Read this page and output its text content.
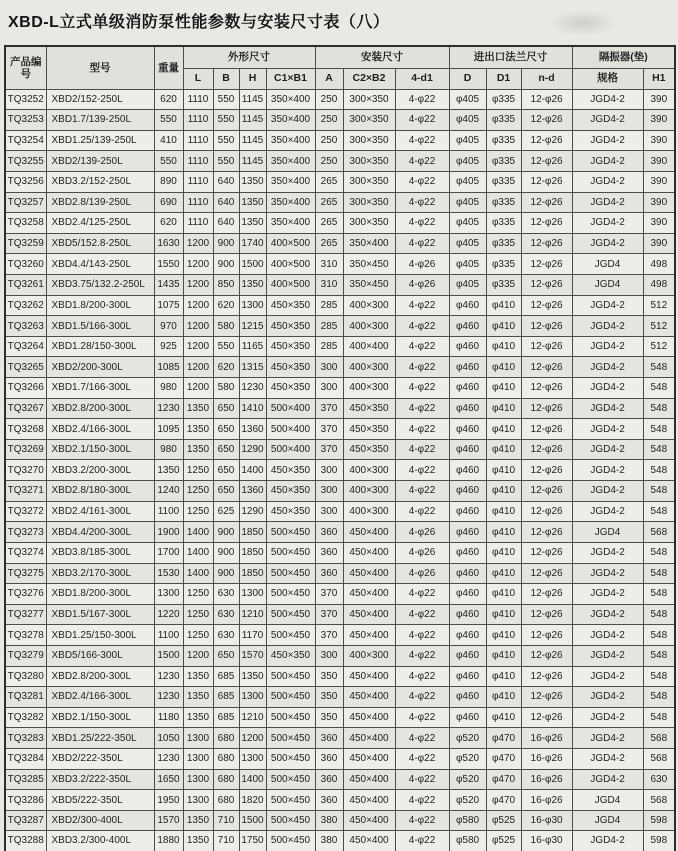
XBD-L立式单级消防泵性能参数与安装尺寸表（八）
产品编号	型号	重量	外形尺寸				安装尺寸			进出口法兰尺寸			隔振器(垫)	
			L	B	H	C1×B1	A	C2×B2	4-d1	D	D1	n-d	规格	H1
TQ3252	XBD2/152-250L	620	1110	550	1145	350×400	250	300×350	4-φ22	φ405	φ335	12-φ26	JGD4-2	390
TQ3253	XBD1.7/139-250L	550	1110	550	1145	350×400	250	300×350	4-φ22	φ405	φ335	12-φ26	JGD4-2	390
TQ3254	XBD1.25/139-250L	410	1110	550	1145	350×400	250	300×350	4-φ22	φ405	φ335	12-φ26	JGD4-2	390
TQ3255	XBD2/139-250L	550	1110	550	1145	350×400	250	300×350	4-φ22	φ405	φ335	12-φ26	JGD4-2	390
TQ3256	XBD3.2/152-250L	890	1110	640	1350	350×400	265	300×350	4-φ22	φ405	φ335	12-φ26	JGD4-2	390
TQ3257	XBD2.8/139-250L	690	1110	640	1350	350×400	265	300×350	4-φ22	φ405	φ335	12-φ26	JGD4-2	390
TQ3258	XBD2.4/125-250L	620	1110	640	1350	350×400	265	300×350	4-φ22	φ405	φ335	12-φ26	JGD4-2	390
TQ3259	XBD5/152.8-250L	1630	1200	900	1740	400×500	265	350×400	4-φ22	φ405	φ335	12-φ26	JGD4-2	390
TQ3260	XBD4.4/143-250L	1550	1200	900	1500	400×500	310	350×450	4-φ26	φ405	φ335	12-φ26	JGD4	498
TQ3261	XBD3.75/132.2-250L	1435	1200	850	1350	400×500	310	350×450	4-φ26	φ405	φ335	12-φ26	JGD4	498
TQ3262	XBD1.8/200-300L	1075	1200	620	1300	450×350	285	400×300	4-φ22	φ460	φ410	12-φ26	JGD4-2	512
TQ3263	XBD1.5/166-300L	970	1200	580	1215	450×350	285	400×300	4-φ22	φ460	φ410	12-φ26	JGD4-2	512
TQ3264	XBD1.28/150-300L	925	1200	550	1165	450×350	285	400×400	4-φ22	φ460	φ410	12-φ26	JGD4-2	512
TQ3265	XBD2/200-300L	1085	1200	620	1315	450×350	300	400×300	4-φ22	φ460	φ410	12-φ26	JGD4-2	548
TQ3266	XBD1.7/166-300L	980	1200	580	1230	450×350	300	400×300	4-φ22	φ460	φ410	12-φ26	JGD4-2	548
TQ3267	XBD2.8/200-300L	1230	1350	650	1410	500×400	370	450×350	4-φ22	φ460	φ410	12-φ26	JGD4-2	548
TQ3268	XBD2.4/166-300L	1095	1350	650	1360	500×400	370	450×350	4-φ22	φ460	φ410	12-φ26	JGD4-2	548
TQ3269	XBD2.1/150-300L	980	1350	650	1290	500×400	370	450×350	4-φ22	φ460	φ410	12-φ26	JGD4-2	548
TQ3270	XBD3.2/200-300L	1350	1250	650	1400	450×350	300	400×300	4-φ22	φ460	φ410	12-φ26	JGD4-2	548
TQ3271	XBD2.8/180-300L	1240	1250	650	1360	450×350	300	400×300	4-φ22	φ460	φ410	12-φ26	JGD4-2	548
TQ3272	XBD2.4/161-300L	1100	1250	625	1290	450×350	300	400×300	4-φ22	φ460	φ410	12-φ26	JGD4-2	548
TQ3273	XBD4.4/200-300L	1900	1400	900	1850	500×450	360	450×400	4-φ26	φ460	φ410	12-φ26	JGD4	568
TQ3274	XBD3.8/185-300L	1700	1400	900	1850	500×450	360	450×400	4-φ26	φ460	φ410	12-φ26	JGD4-2	548
TQ3275	XBD3.2/170-300L	1530	1400	900	1850	500×450	360	450×400	4-φ26	φ460	φ410	12-φ26	JGD4-2	548
TQ3276	XBD1.8/200-300L	1300	1250	630	1300	500×450	370	450×400	4-φ22	φ460	φ410	12-φ26	JGD4-2	548
TQ3277	XBD1.5/167-300L	1220	1250	630	1210	500×450	370	450×400	4-φ22	φ460	φ410	12-φ26	JGD4-2	548
TQ3278	XBD1.25/150-300L	1100	1250	630	1170	500×450	370	450×400	4-φ22	φ460	φ410	12-φ26	JGD4-2	548
TQ3279	XBD5/166-300L	1500	1200	650	1570	450×350	300	400×300	4-φ22	φ460	φ410	12-φ26	JGD4-2	548
TQ3280	XBD2.8/200-300L	1230	1350	685	1350	500×450	350	450×400	4-φ22	φ460	φ410	12-φ26	JGD4-2	548
TQ3281	XBD2.4/166-300L	1230	1350	685	1300	500×450	350	450×400	4-φ22	φ460	φ410	12-φ26	JGD4-2	548
TQ3282	XBD2.1/150-300L	1180	1350	685	1210	500×450	350	450×400	4-φ22	φ460	φ410	12-φ26	JGD4-2	548
TQ3283	XBD1.25/222-350L	1050	1300	680	1200	500×450	360	450×400	4-φ22	φ520	φ470	16-φ26	JGD4-2	568
TQ3284	XBD2/222-350L	1230	1300	680	1300	500×450	360	450×400	4-φ22	φ520	φ470	16-φ26	JGD4-2	568
TQ3285	XBD3.2/222-350L	1650	1300	680	1400	500×450	360	450×400	4-φ22	φ520	φ470	16-φ26	JGD4-2	630
TQ3286	XBD5/222-350L	1950	1300	680	1820	500×450	360	450×400	4-φ22	φ520	φ470	16-φ26	JGD4	568
TQ3287	XBD2/300-400L	1570	1350	710	1500	500×450	380	450×400	4-φ22	φ580	φ525	16-φ30	JGD4	598
TQ3288	XBD3.2/300-400L	1880	1350	710	1750	500×450	380	450×400	4-φ22	φ580	φ525	16-φ30	JGD4-2	598
